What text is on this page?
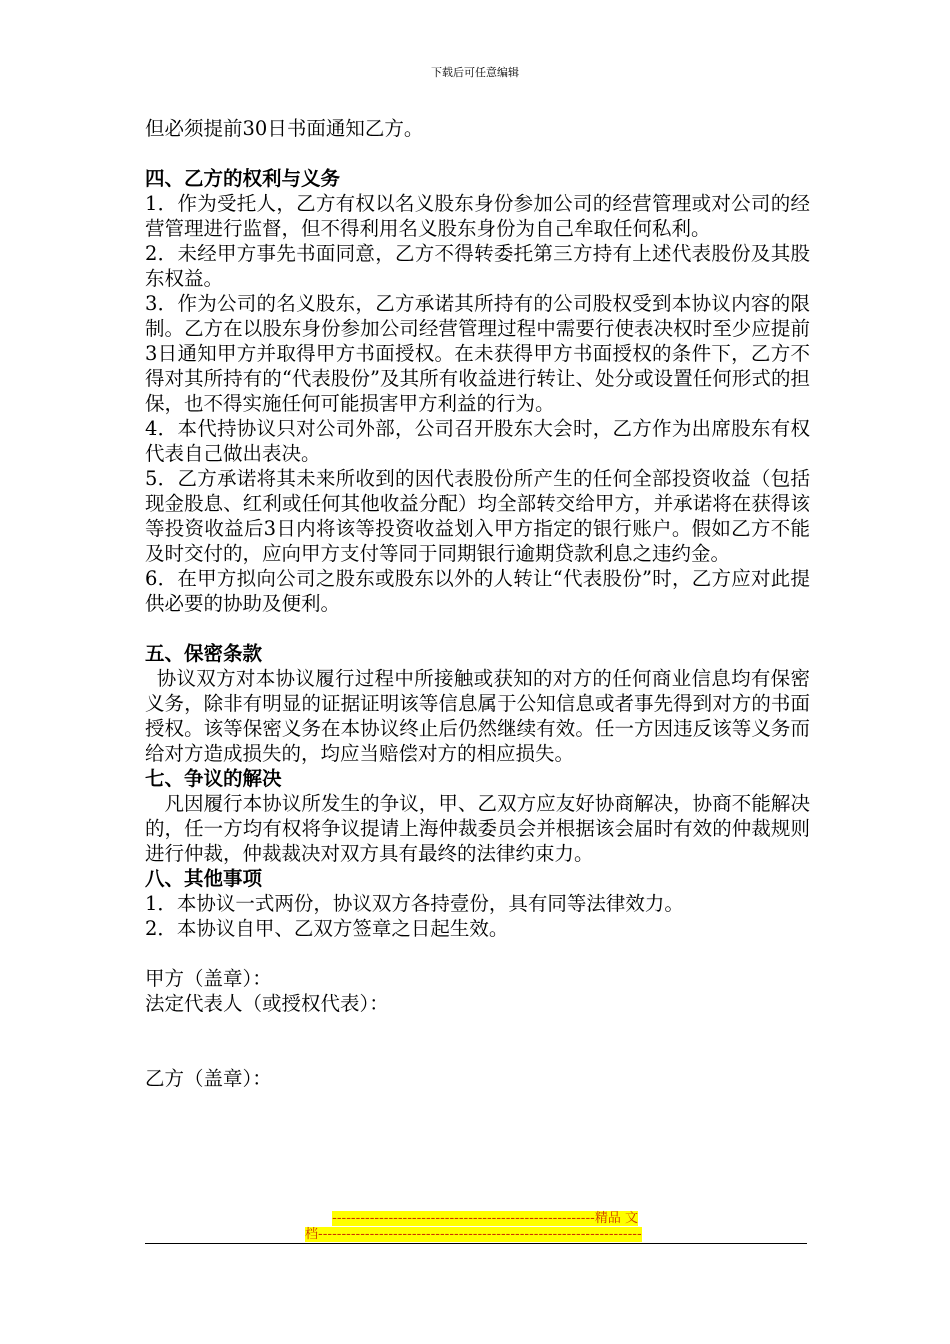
下载后可任意编辑

但必须提前30日书面通知乙方。

四、乙方的权利与义务

1．作为受托人，乙方有权以名义股东身份参加公司的经营管理或对公司的经营管理进行监督，但不得利用名义股东身份为自己牟取任何私利。

2．未经甲方事先书面同意，乙方不得转委托第三方持有上述代表股份及其股东权益。

3．作为公司的名义股东，乙方承诺其所持有的公司股权受到本协议内容的限制。乙方在以股东身份参加公司经营管理过程中需要行使表决权时至少应提前3日通知甲方并取得甲方书面授权。在未获得甲方书面授权的条件下，乙方不得对其所持有的“代表股份”及其所有收益进行转让、处分或设置任何形式的担保，也不得实施任何可能损害甲方利益的行为。

4．本代持协议只对公司外部，公司召开股东大会时，乙方作为出席股东有权代表自己做出表决。

5．乙方承诺将其未来所收到的因代表股份所产生的任何全部投资收益（包括现金股息、红利或任何其他收益分配）均全部转交给甲方，并承诺将在获得该等投资收益后3日内将该等投资收益划入甲方指定的银行账户。假如乙方不能及时交付的，应向甲方支付等同于同期银行逾期贷款利息之违约金。

6．在甲方拟向公司之股东或股东以外的人转让“代表股份”时，乙方应对此提供必要的协助及便利。

五、保密条款

协议双方对本协议履行过程中所接触或获知的对方的任何商业信息均有保密义务，除非有明显的证据证明该等信息属于公知信息或者事先得到对方的书面授权。该等保密义务在本协议终止后仍然继续有效。任一方因违反该等义务而给对方造成损失的，均应当赔偿对方的相应损失。

七、争议的解决

凡因履行本协议所发生的争议，甲、乙双方应友好协商解决，协商不能解决的，任一方均有权将争议提请上海仲裁委员会并根据该会届时有效的仲裁规则进行仲裁，仲裁裁决对双方具有最终的法律约束力。

八、其他事项

1．本协议一式两份，协议双方各持壹份，具有同等法律效力。

2．本协议自甲、乙双方签章之日起生效。

甲方（盖章）：

法定代表人（或授权代表）：

乙方（盖章）：

--------------------------------------------------------精品 文
档---------------------------------------------------------------------
